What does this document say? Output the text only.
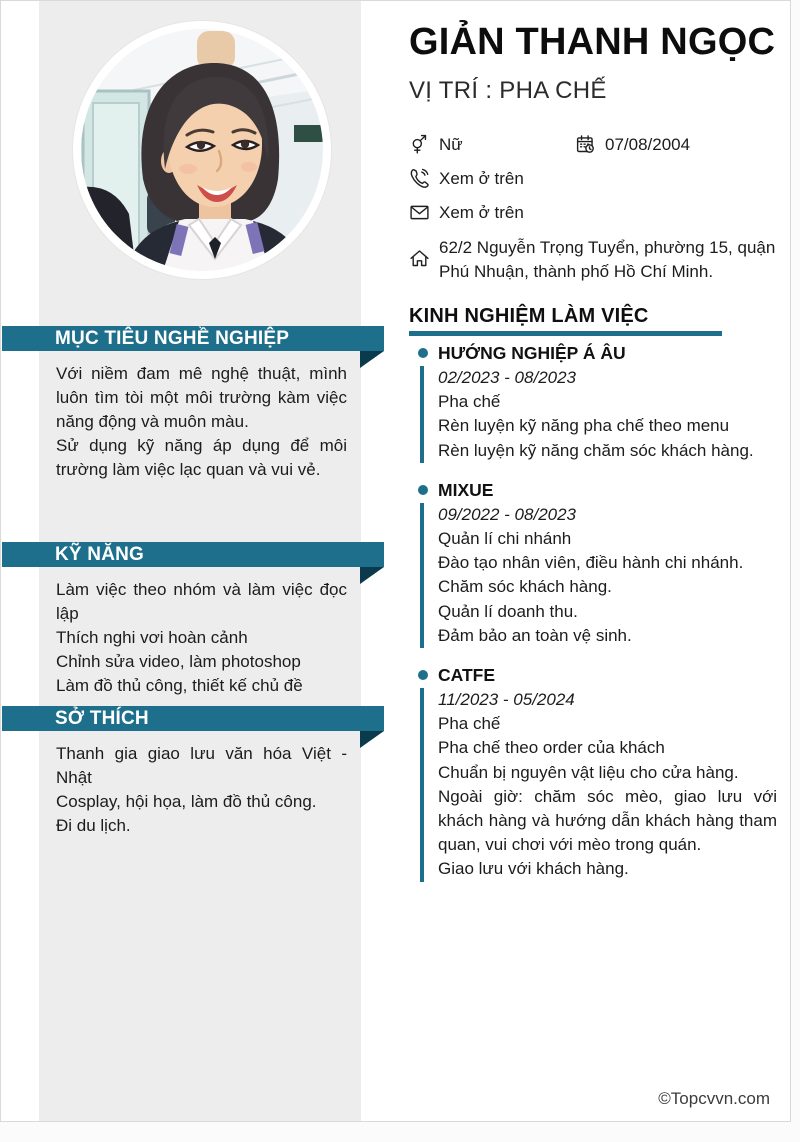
MỤC TIÊU NGHỀ NGHIỆP
Với niềm đam mê nghệ thuật, mình luôn tìm tòi một môi trường kàm việc năng động và muôn màu.
Sử dụng kỹ năng áp dụng để môi trường làm việc lạc quan và vui vẻ.
KỸ NĂNG
Làm việc theo nhóm và làm việc đọc lập
Thích nghi vơi hoàn cảnh
Chỉnh sửa video, làm photoshop
Làm đồ thủ công, thiết kế chủ đề
SỞ THÍCH
Thanh gia giao lưu văn hóa Việt - Nhật
Cosplay, hội họa, làm đồ thủ công.
Đi du lịch.
GIẢN THANH NGỌC
VỊ TRÍ : PHA CHẾ
Nữ	07/08/2004
Xem ở trên
Xem ở trên
62/2 Nguyễn Trọng Tuyển, phường 15, quận Phú Nhuận, thành phố Hồ Chí Minh.
KINH NGHIỆM LÀM VIỆC
HƯỚNG NGHIỆP Á ÂU
02/2023 - 08/2023
Pha chế
Rèn luyện kỹ năng pha chế theo menu
Rèn luyện kỹ năng chăm sóc khách hàng.
MIXUE
09/2022 - 08/2023
Quản lí chi nhánh
Đào tạo nhân viên, điều hành chi nhánh.
Chăm sóc khách hàng.
Quản lí doanh thu.
Đảm bảo an toàn vệ sinh.
CATFE
11/2023 - 05/2024
Pha chế
Pha chế theo order của khách
Chuẩn bị nguyên vật liệu cho cửa hàng.
Ngoài giờ: chăm sóc mèo, giao lưu với khách hàng và hướng dẫn khách hàng tham quan, vui chơi với mèo trong quán.
Giao lưu với khách hàng.
©Topcvvn.com
